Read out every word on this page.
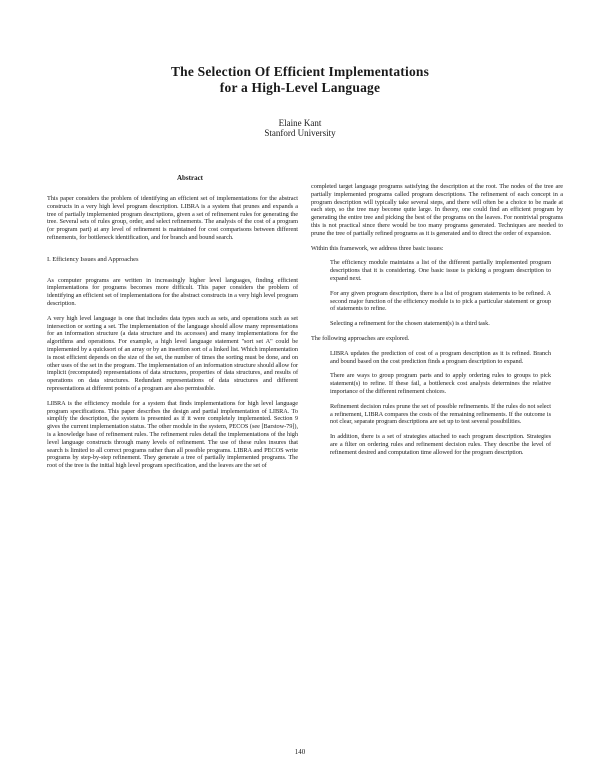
The Selection Of Efficient Implementations
for a High-Level Language
Elaine Kant
Stanford University
Abstract

This paper considers the problem of identifying an efficient set of implementations for the abstract constructs in a very high level program description. LIBRA is a system that prunes and expands a tree of partially implemented program descriptions, given a set of refinement rules for generating the tree. Several sets of rules group, order, and select refinements. The analysis of the cost of a program (or program part) at any level of refinement is maintained for cost comparisons between different refinements, for bottleneck identification, and for branch and bound search.

I. Efficiency Issues and Approaches

As computer programs are written in increasingly higher level languages, finding efficient implementations for programs becomes more difficult. This paper considers the problem of identifying an efficient set of implementations for the abstract constructs in a very high level program description.

A very high level language is one that includes data types such as sets, and operations such as set intersection or sorting a set. The implementation of the language should allow many representations for an information structure (a data structure and its accesses) and many implementations for the algorithms and operations. For example, a high level language statement "sort set A" could be implemented by a quicksort of an array or by an insertion sort of a linked list. Which implementation is most efficient depends on the size of the set, the number of times the sorting must be done, and on other uses of the set in the program. The implementation of an information structure should allow for implicit (recomputed) representations of data structures, properties of data structures, and results of operations on data structures. Redundant representations of data structures and different representations at different points of a program are also permissible.

LIBRA is the efficiency module for a system that finds implementations for high level language program specifications. This paper describes the design and partial implementation of LIBRA. To simplify the description, the system is presented as if it were completely implemented. Section 9 gives the current implementation status. The other module in the system, PECOS (see [Barstow-79]), is a knowledge base of refinement rules. The refinement rules detail the implementations of the high level language constructs through many levels of refinement. The use of these rules insures that search is limited to all correct programs rather than all possible programs. LIBRA and PECOS write programs by step-by-step refinement. They generate a tree of partially implemented programs. The root of the tree is the initial high level program specification, and the leaves are the set of

completed target language programs satisfying the description at the root. The nodes of the tree are partially implemented programs called program descriptions. The refinement of each concept in a program description will typically take several steps, and there will often be a choice to be made at each step, so the tree may become quite large. In theory, one could find an efficient program by generating the entire tree and picking the best of the programs on the leaves. For nontrivial programs this is not practical since there would be too many programs generated. Techniques are needed to prune the tree of partially refined programs as it is generated and to direct the order of expansion.

Within this framework, we address three basic issues:

The efficiency module maintains a list of the different partially implemented program descriptions that it is considering. One basic issue is picking a program description to expand next.

For any given program description, there is a list of program statements to be refined. A second major function of the efficiency module is to pick a particular statement or group of statements to refine.

Selecting a refinement for the chosen statement(s) is a third task.

The following approaches are explored.

LIBRA updates the prediction of cost of a program description as it is refined. Branch and bound based on the cost prediction finds a program description to expand.

There are ways to group program parts and to apply ordering rules to groups to pick statement(s) to refine. If these fail, a bottleneck cost analysis determines the relative importance of the different refinement choices.

Refinement decision rules prune the set of possible refinements. If the rules do not select a refinement, LIBRA compares the costs of the remaining refinements. If the outcome is not clear, separate program descriptions are set up to test several possibilities.

In addition, there is a set of strategies attached to each program description. Strategies are a filter on ordering rules and refinement decision rules. They describe the level of refinement desired and computation time allowed for the program description.

140
